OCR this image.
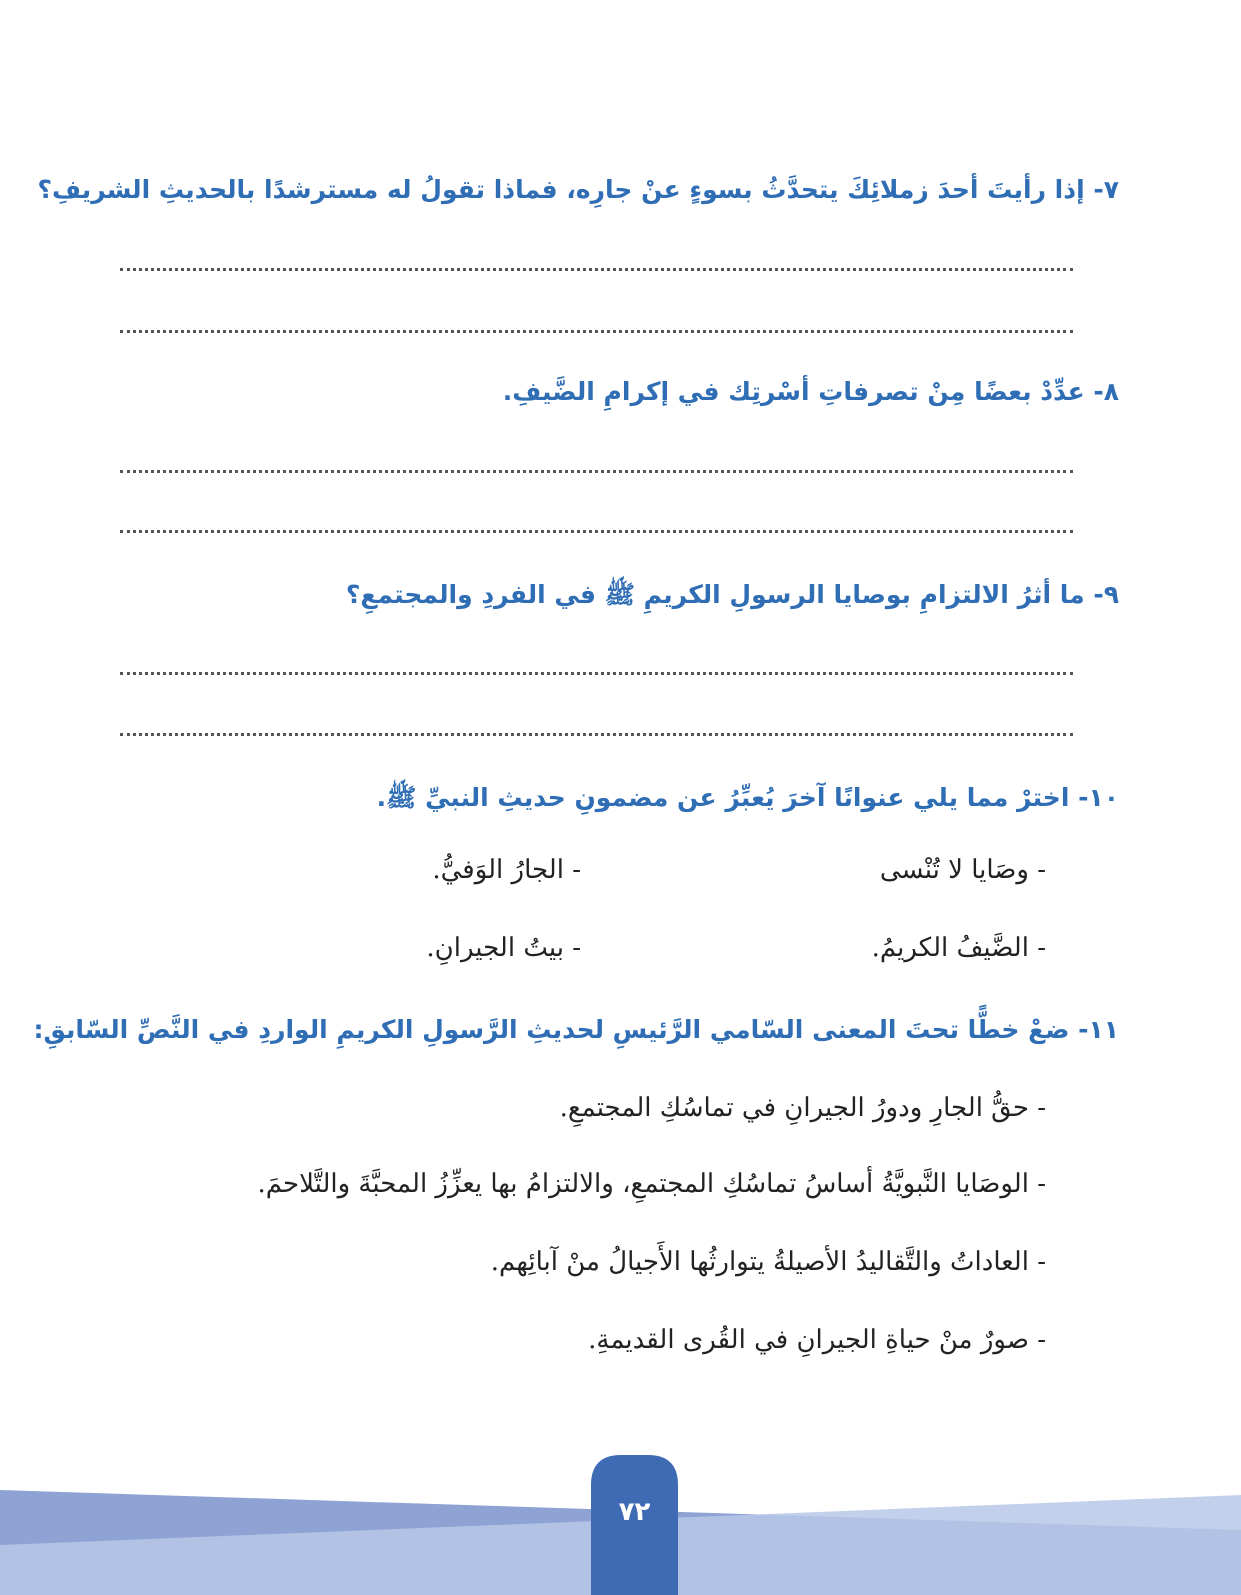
٧- إذا رأيتَ أحدَ زملائِكَ يتحدَّثُ بسوءٍ عنْ جارِه، فماذا تقولُ له مسترشدًا بالحديثِ الشريفِ؟
٨- عدِّدْ بعضًا مِنْ تصرفاتِ أسْرتِك في إكرامِ الضَّيفِ.
٩- ما أثرُ الالتزامِ بوصايا الرسولِ الكريمِ ﷺ في الفردِ والمجتمعِ؟
١٠- اخترْ مما يلي عنوانًا آخرَ يُعبِّرُ عن مضمونِ حديثِ النبيِّ ﷺ.
- وصَايا لا تُنْسى
- الجارُ الوَفيُّ.
- الضَّيفُ الكريمُ.
- بيتُ الجيرانِ.
١١- ضعْ خطًّا تحتَ المعنى السّامي الرَّئيسِ لحديثِ الرَّسولِ الكريمِ الواردِ في النَّصِّ السّابقِ:
- حقُّ الجارِ ودورُ الجيرانِ في تماسُكِ المجتمعِ.
- الوصَايا النَّبويَّةُ أساسُ تماسُكِ المجتمعِ، والالتزامُ بها يعزِّزُ المحبَّةَ والتَّلاحمَ.
- العاداتُ والتَّقاليدُ الأصيلةُ يتوارثُها الأَجيالُ منْ آبائِهم.
- صورٌ منْ حياةِ الجيرانِ في القُرى القديمةِ.
٧٢
